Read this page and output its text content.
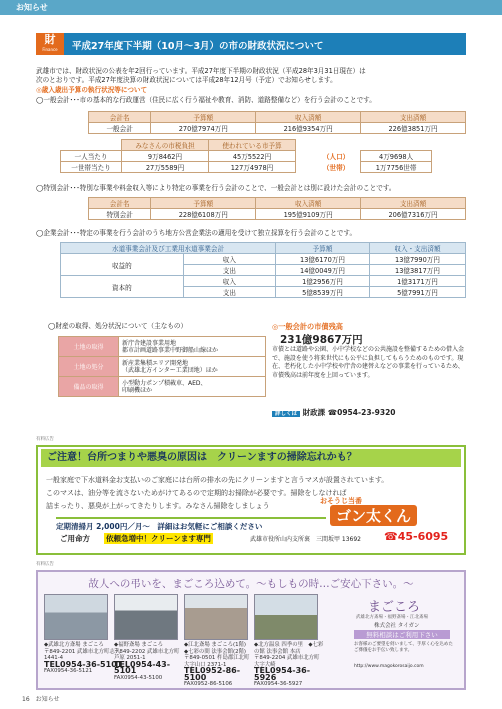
お知らせ
財
Finance	平成27年度下半期（10月～3月）の市の財政状況について
武雄市では、財政状況の公表を年2回行っています。平成27年度下半期の財政状況（平成28年3月31日現在）は
次のとおりです。平成27年度決算の財政状況については平成28年12月号（予定）でお知らせします。
◎歳入歳出予算の執行状況等について
◯一般会計･･･市の基本的な行政運営（住民に広く行う福祉や教育、消防、道路整備など）を行う会計のことです。
会計名	予算額	収入済額	支出済額
一般会計	270億7974万円	216億9354万円	226億3851万円
	みなさんの市税負担	使われている市予算
一人当たり	9万8462円	45万5522円
一世帯当たり	27万5589円	127万4978円
（人口）	4万9698人
（世帯）	1万7756世帯
◯特別会計･･･特別な事業や料金収入等により特定の事業を行う会計のことで、一般会計とは別に設けた会計のことです。
会計名	予算額	収入済額	支出済額
特別会計	228億6108万円	195億9109万円	206億7316万円
◯企業会計･･･特定の事業を行う会計のうち地方公営企業法の適用を受けて独立採算を行う会計のことです。
水道事業会計及び工業用水道事業会計		予算額	収入・支出済額
収益的	収入	13億6170万円	13億7990万円
	支出	14億0049万円	13億3817万円
資本的	収入	1億2956万円	1億3171万円
	支出	5億8539万円	5億7991万円
◯財産の取得、処分状況について（主なもの）
土地の取得	新庁舎建設事業用地
都市計画道路事業中野御船山線ほか
土地の処分	新産業集積エリア開発地
（武雄北方インター工業団地）ほか
備品の取得	小型動力ポンプ積載車、AED、
印刷機ほか
◎一般会計の市債残高
231億9867万円
市債とは道路や公園、小中学校などの公共施設を整備するための借入金で、施設を使う将来世代にも公平に負担してもらうためのものです。現在、老朽化した小中学校や庁舎の建替えなどの事業を行っているため、市債残高は前年度を上回っています。
詳しくは 財政課 ☎0954-23-9320
有料広告
ご注意！台所つまりや悪臭の原因は　クリーンますの掃除忘れかも？
一般家庭で下水道料金お支払いのご家庭には台所の排水の先にクリーンますと言うマスが設置されています。
このマスは、油分等を流さないためがけてあるので定期的お掃除が必要です。掃除をしなければ
詰まったり、悪臭が上がってきたりします。みなさん掃除をしましょう
おそうじ当番
ゴン太くん
定期清掃月 2,000円／月～　詳細はお気軽にご相談ください
ご用命方 依頼急増中！クリーンます専門	武雄市役所山内支所裏　三間坂甲 13692 ☎45-6095
有料広告
故人への弔いを、まごころ込めて。～もしもの時…ご安心下さい。～
◆武雄北方斎場 まごころ
〒849-2201 武雄市北方町志久 1441-4
TEL0954-36-5101
FAX0954-36-5121
◆福野斎場 まごころ
〒849-2202 武雄市北方町芦原 2051-1
TEL0954-43-5101
FAX0954-43-5100
◆江北斎場 まごころ(1階)　◆七彩の間 法事会館(2階)
〒849-0501 杵島郡江北町大字山口 2371-1
TEL0952-86-5100
FAX0952-86-5106
◆北方温泉 四季の里　◆七彩の館 法事会館 本店
〒849-2204 武雄市北方町大字大崎
TEL0954-36-5926
FAX0954-36-5927
まごころ
武雄北方斎場・福野斎場・江北斎場
株式会社 タイガン
無料相談はご利用下さい
お客様のご要望を伺いまして、手厚く心を込めたご葬儀をお手伝い致します。
http://www.magokorosaijo.com
16　 お知らせ
